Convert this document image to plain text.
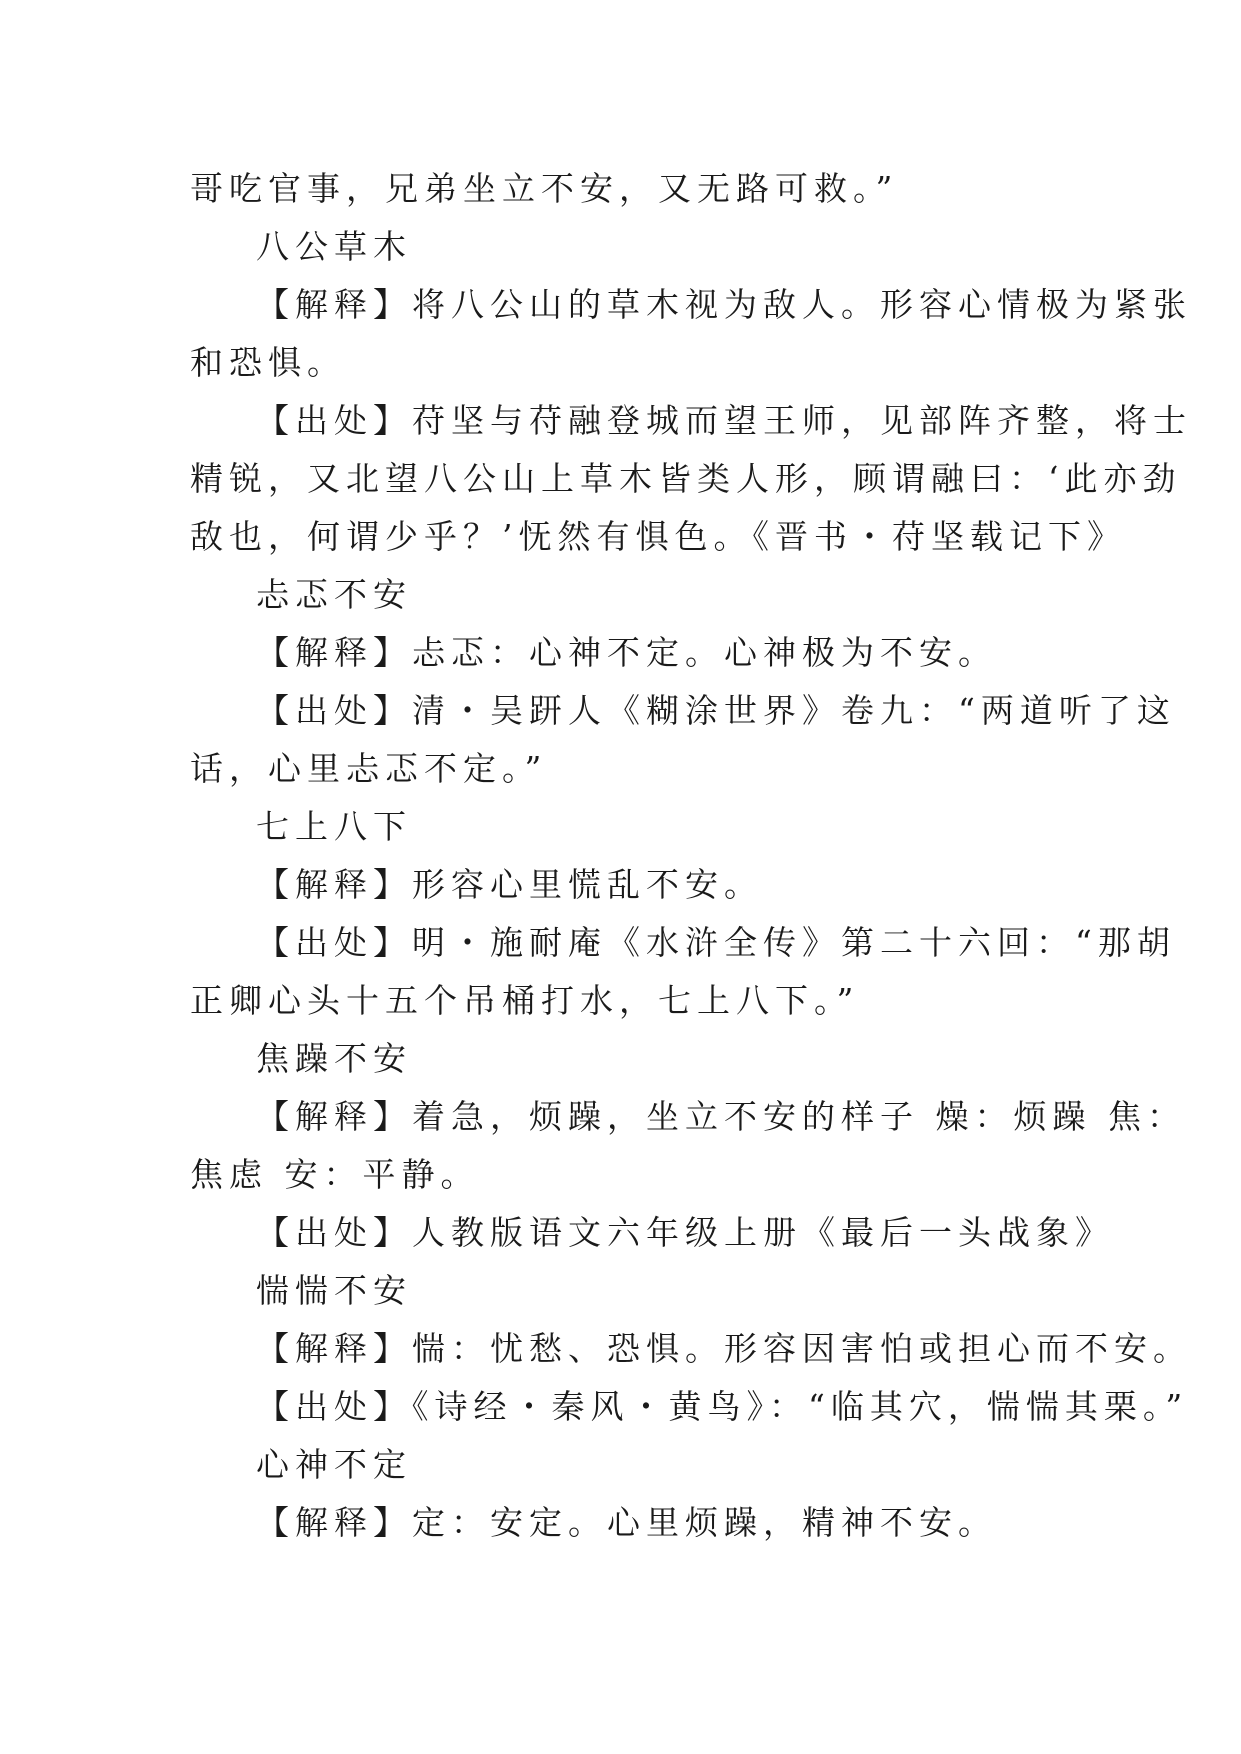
哥吃官事，兄弟坐立不安，又无路可救。”
八公草木
【解释】将八公山的草木视为敌人。形容心情极为紧张
和恐惧。
【出处】苻坚与苻融登城而望王师，见部阵齐整，将士
精锐，又北望八公山上草木皆类人形，顾谓融曰：‘此亦劲
敌也，何谓少乎？’怃然有惧色。《晋书・苻坚载记下》
忐忑不安
【解释】忐忑：心神不定。心神极为不安。
【出处】清・吴趼人《糊涂世界》卷九：“两道听了这
话，心里忐忑不定。”
七上八下
【解释】形容心里慌乱不安。
【出处】明・施耐庵《水浒全传》第二十六回：“那胡
正卿心头十五个吊桶打水，七上八下。”
焦躁不安
【解释】着急，烦躁，坐立不安的样子 燥：烦躁 焦：
焦虑 安：平静。
【出处】人教版语文六年级上册《最后一头战象》
惴惴不安
【解释】惴：忧愁、恐惧。形容因害怕或担心而不安。
【出处】《诗经・秦风・黄鸟》：“临其穴，惴惴其栗。”
心神不定
【解释】定：安定。心里烦躁，精神不安。
